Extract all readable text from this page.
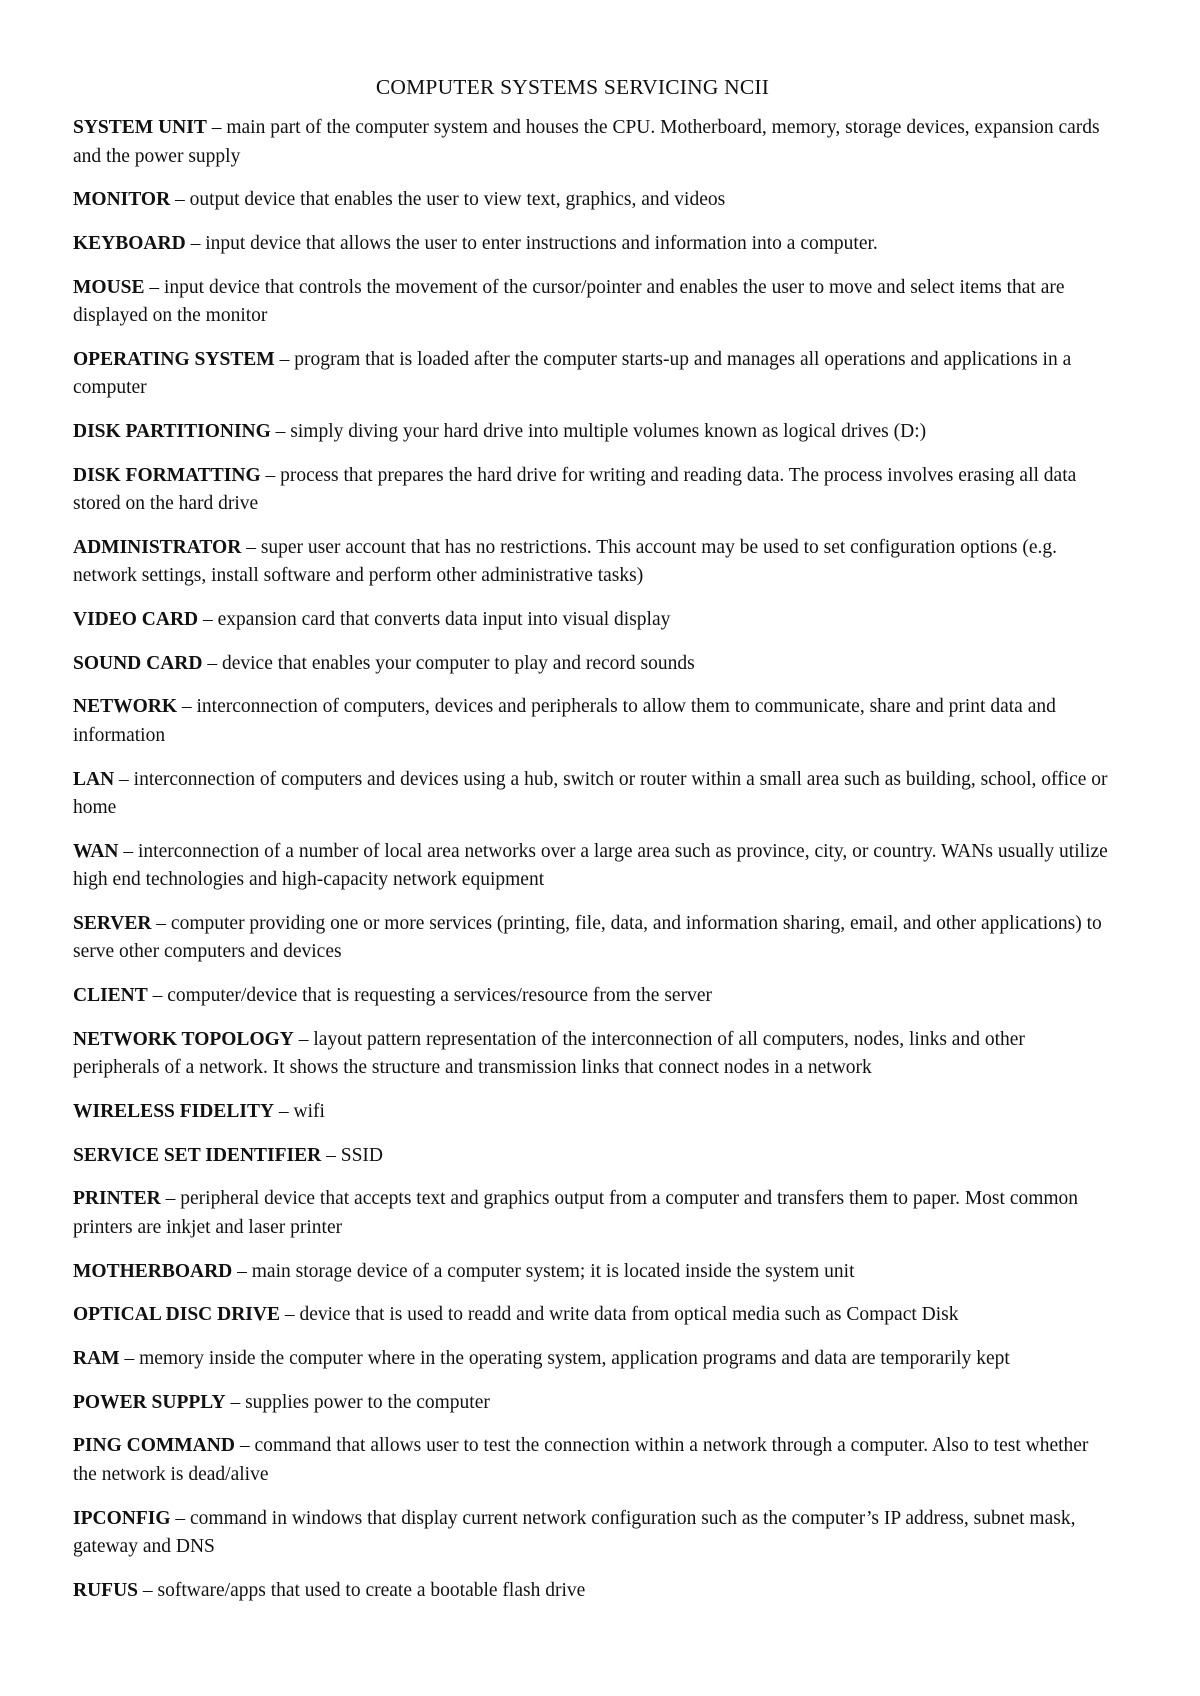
COMPUTER SYSTEMS SERVICING NCII
SYSTEM UNIT – main part of the computer system and houses the CPU. Motherboard, memory, storage devices, expansion cards and the power supply
MONITOR – output device that enables the user to view text, graphics, and videos
KEYBOARD – input device that allows the user to enter instructions and information into a computer.
MOUSE – input device that controls the movement of the cursor/pointer and enables the user to move and select items that are displayed on the monitor
OPERATING SYSTEM – program that is loaded after the computer starts-up and manages all operations and applications in a computer
DISK PARTITIONING – simply diving your hard drive into multiple volumes known as logical drives (D:)
DISK FORMATTING – process that prepares the hard drive for writing and reading data. The process involves erasing all data stored on the hard drive
ADMINISTRATOR – super user account that has no restrictions. This account may be used to set configuration options (e.g. network settings, install software and perform other administrative tasks)
VIDEO CARD – expansion card that converts data input into visual display
SOUND CARD – device that enables your computer to play and record sounds
NETWORK – interconnection of computers, devices and peripherals to allow them to communicate, share and print data and information
LAN – interconnection of computers and devices using a hub, switch or router within a small area such as building, school, office or home
WAN – interconnection of a number of local area networks over a large area such as province, city, or country. WANs usually utilize high end technologies and high-capacity network equipment
SERVER – computer providing one or more services (printing, file, data, and information sharing, email, and other applications) to serve other computers and devices
CLIENT – computer/device that is requesting a services/resource from the server
NETWORK TOPOLOGY – layout pattern representation of the interconnection of all computers, nodes, links and other peripherals of a network. It shows the structure and transmission links that connect nodes in a network
WIRELESS FIDELITY – wifi
SERVICE SET IDENTIFIER – SSID
PRINTER – peripheral device that accepts text and graphics output from a computer and transfers them to paper. Most common printers are inkjet and laser printer
MOTHERBOARD – main storage device of a computer system; it is located inside the system unit
OPTICAL DISC DRIVE – device that is used to readd and write data from optical media such as Compact Disk
RAM – memory inside the computer where in the operating system, application programs and data are temporarily kept
POWER SUPPLY – supplies power to the computer
PING COMMAND – command that allows user to test the connection within a network through a computer. Also to test whether the network is dead/alive
IPCONFIG – command in windows that display current network configuration such as the computer’s IP address, subnet mask, gateway and DNS
RUFUS – software/apps that used to create a bootable flash drive
